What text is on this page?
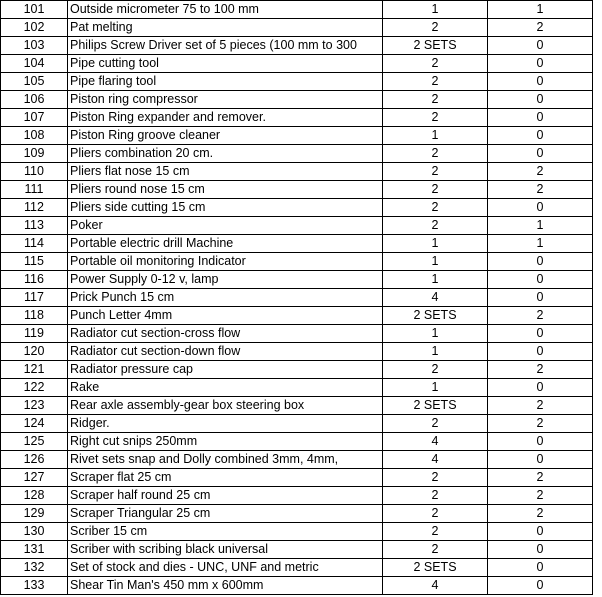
101	Outside micrometer 75 to 100 mm	1	1
102	Pat melting	2	2
103	Philips Screw Driver set of 5 pieces (100 mm to 300	2 SETS	0
104	Pipe cutting tool	2	0
105	Pipe flaring tool	2	0
106	Piston ring compressor	2	0
107	Piston Ring expander and remover.	2	0
108	Piston Ring groove cleaner	1	0
109	Pliers combination 20 cm.	2	0
110	Pliers flat nose 15 cm	2	2
111	Pliers round nose 15 cm	2	2
112	Pliers side cutting 15 cm	2	0
113	Poker	2	1
114	Portable electric drill Machine	1	1
115	Portable oil monitoring Indicator	1	0
116	Power Supply 0-12 v, lamp	1	0
117	Prick Punch 15 cm	4	0
118	Punch Letter 4mm	2 SETS	2
119	Radiator cut section-cross flow	1	0
120	Radiator cut section-down flow	1	0
121	Radiator pressure cap	2	2
122	Rake	1	0
123	Rear axle assembly-gear box steering box	2 SETS	2
124	Ridger.	2	2
125	Right cut snips 250mm	4	0
126	Rivet sets snap and Dolly combined 3mm, 4mm,	4	0
127	Scraper flat 25 cm	2	2
128	Scraper half round 25 cm	2	2
129	Scraper Triangular 25 cm	2	2
130	Scriber 15 cm	2	0
131	Scriber with scribing black universal	2	0
132	Set of stock and dies - UNC, UNF and metric	2 SETS	0
133	Shear Tin Man's 450 mm x 600mm	4	0
